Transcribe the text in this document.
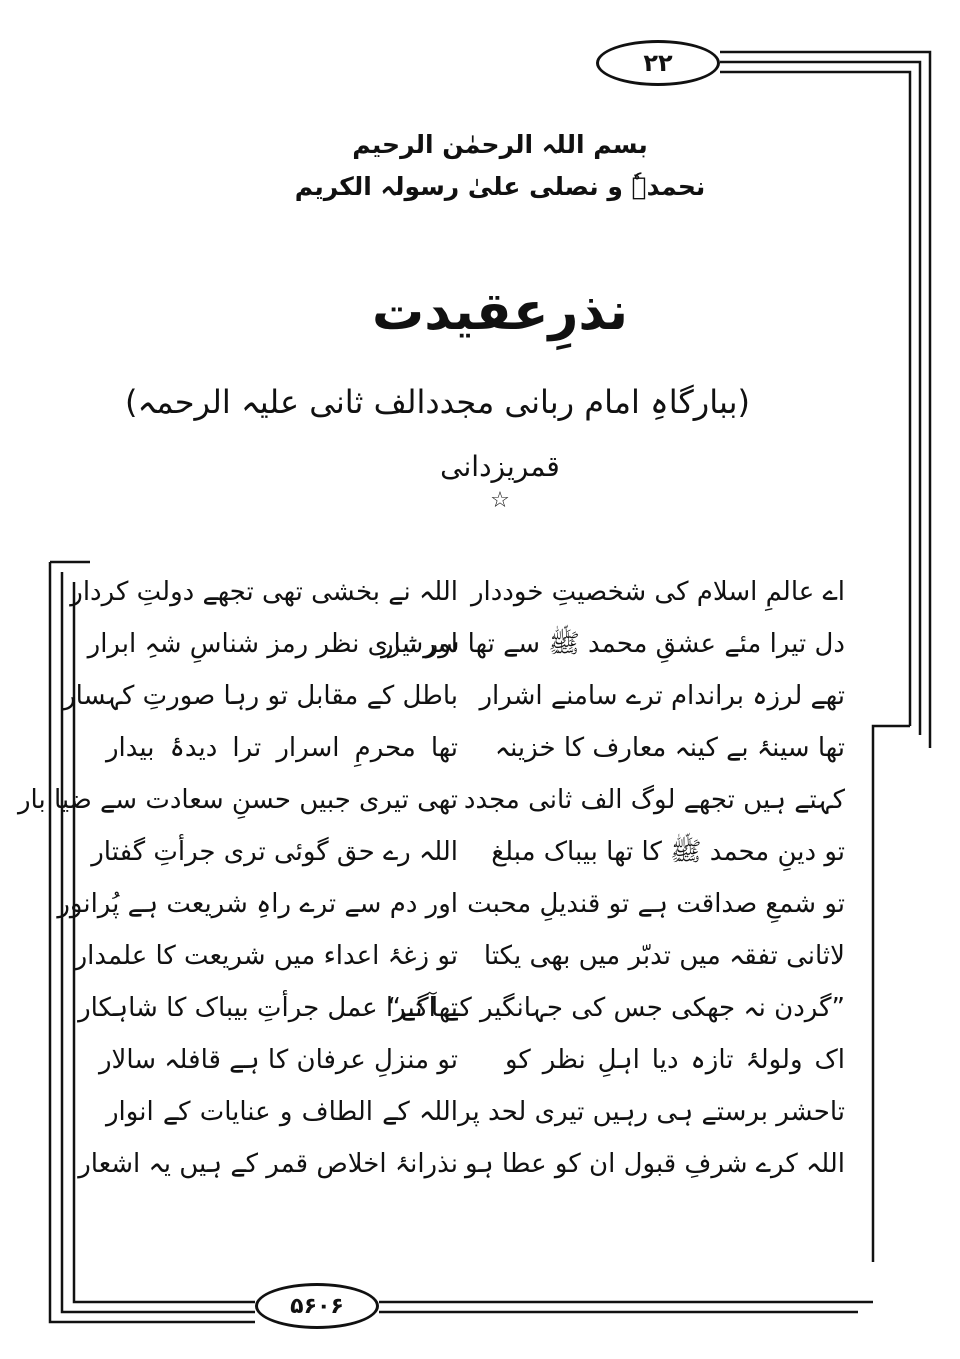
۲۲
بسم اللہ الرحمٰن الرحیم
نحمدہٗ و نصلی علیٰ رسولہ الکریم
نذرِعقیدت
(ببارگاہِ امام ربانی مجددالف ثانی علیہ الرحمہ)
قمریزدانی
☆
اے عالمِ اسلام کی شخصیتِ خوددار
دل تیرا مئے عشقِ محمد ﷺ سے تھا سرشار
تھے لرزہ براندام ترے سامنے اشرار
تھا سینۂ بے کینہ معارف کا خزینہ
کہتے ہیں تجھے لوگ الف ثانی مجدد
تو دینِ محمد ﷺ کا تھا بیباک مبلغ
تو شمعِ صداقت ہے تو قندیلِ محبت
لاثانی تفقہ میں تدبّر میں بھی یکتا
”گردن نہ جھکی جس کی جہانگیر کے آگے“
اک ولولۂ تازہ دیا اہلِ نظر کو
تاحشر برستے ہی رہیں تیری لحد پر
اللہ کرے شرفِ قبول ان کو عطا ہو
اللہ نے بخشی تھی تجھے دولتِ کردار
اور تیری نظر رمز شناسِ شہِ ابرار
باطل کے مقابل تو رہا صورتِ کہسار
تھا محرمِ اسرار ترا دیدۂ بیدار
تھی تیری جبیں حسنِ سعادت سے ضیا بار
اللہ رے حق گوئی تری جرأتِ گفتار
اور دم سے ترے راہِ شریعت ہے پُرانور
تو زغۂ اعداء میں شریعت کا علمدار
تھا تیرا عمل جرأتِ بیباک کا شاہکار
تو منزلِ عرفان کا ہے قافلہ سالار
اللہ کے الطاف و عنایات کے انوار
نذرانۂ اخلاص قمر کے ہیں یہ اشعار
۵۶۰۶
